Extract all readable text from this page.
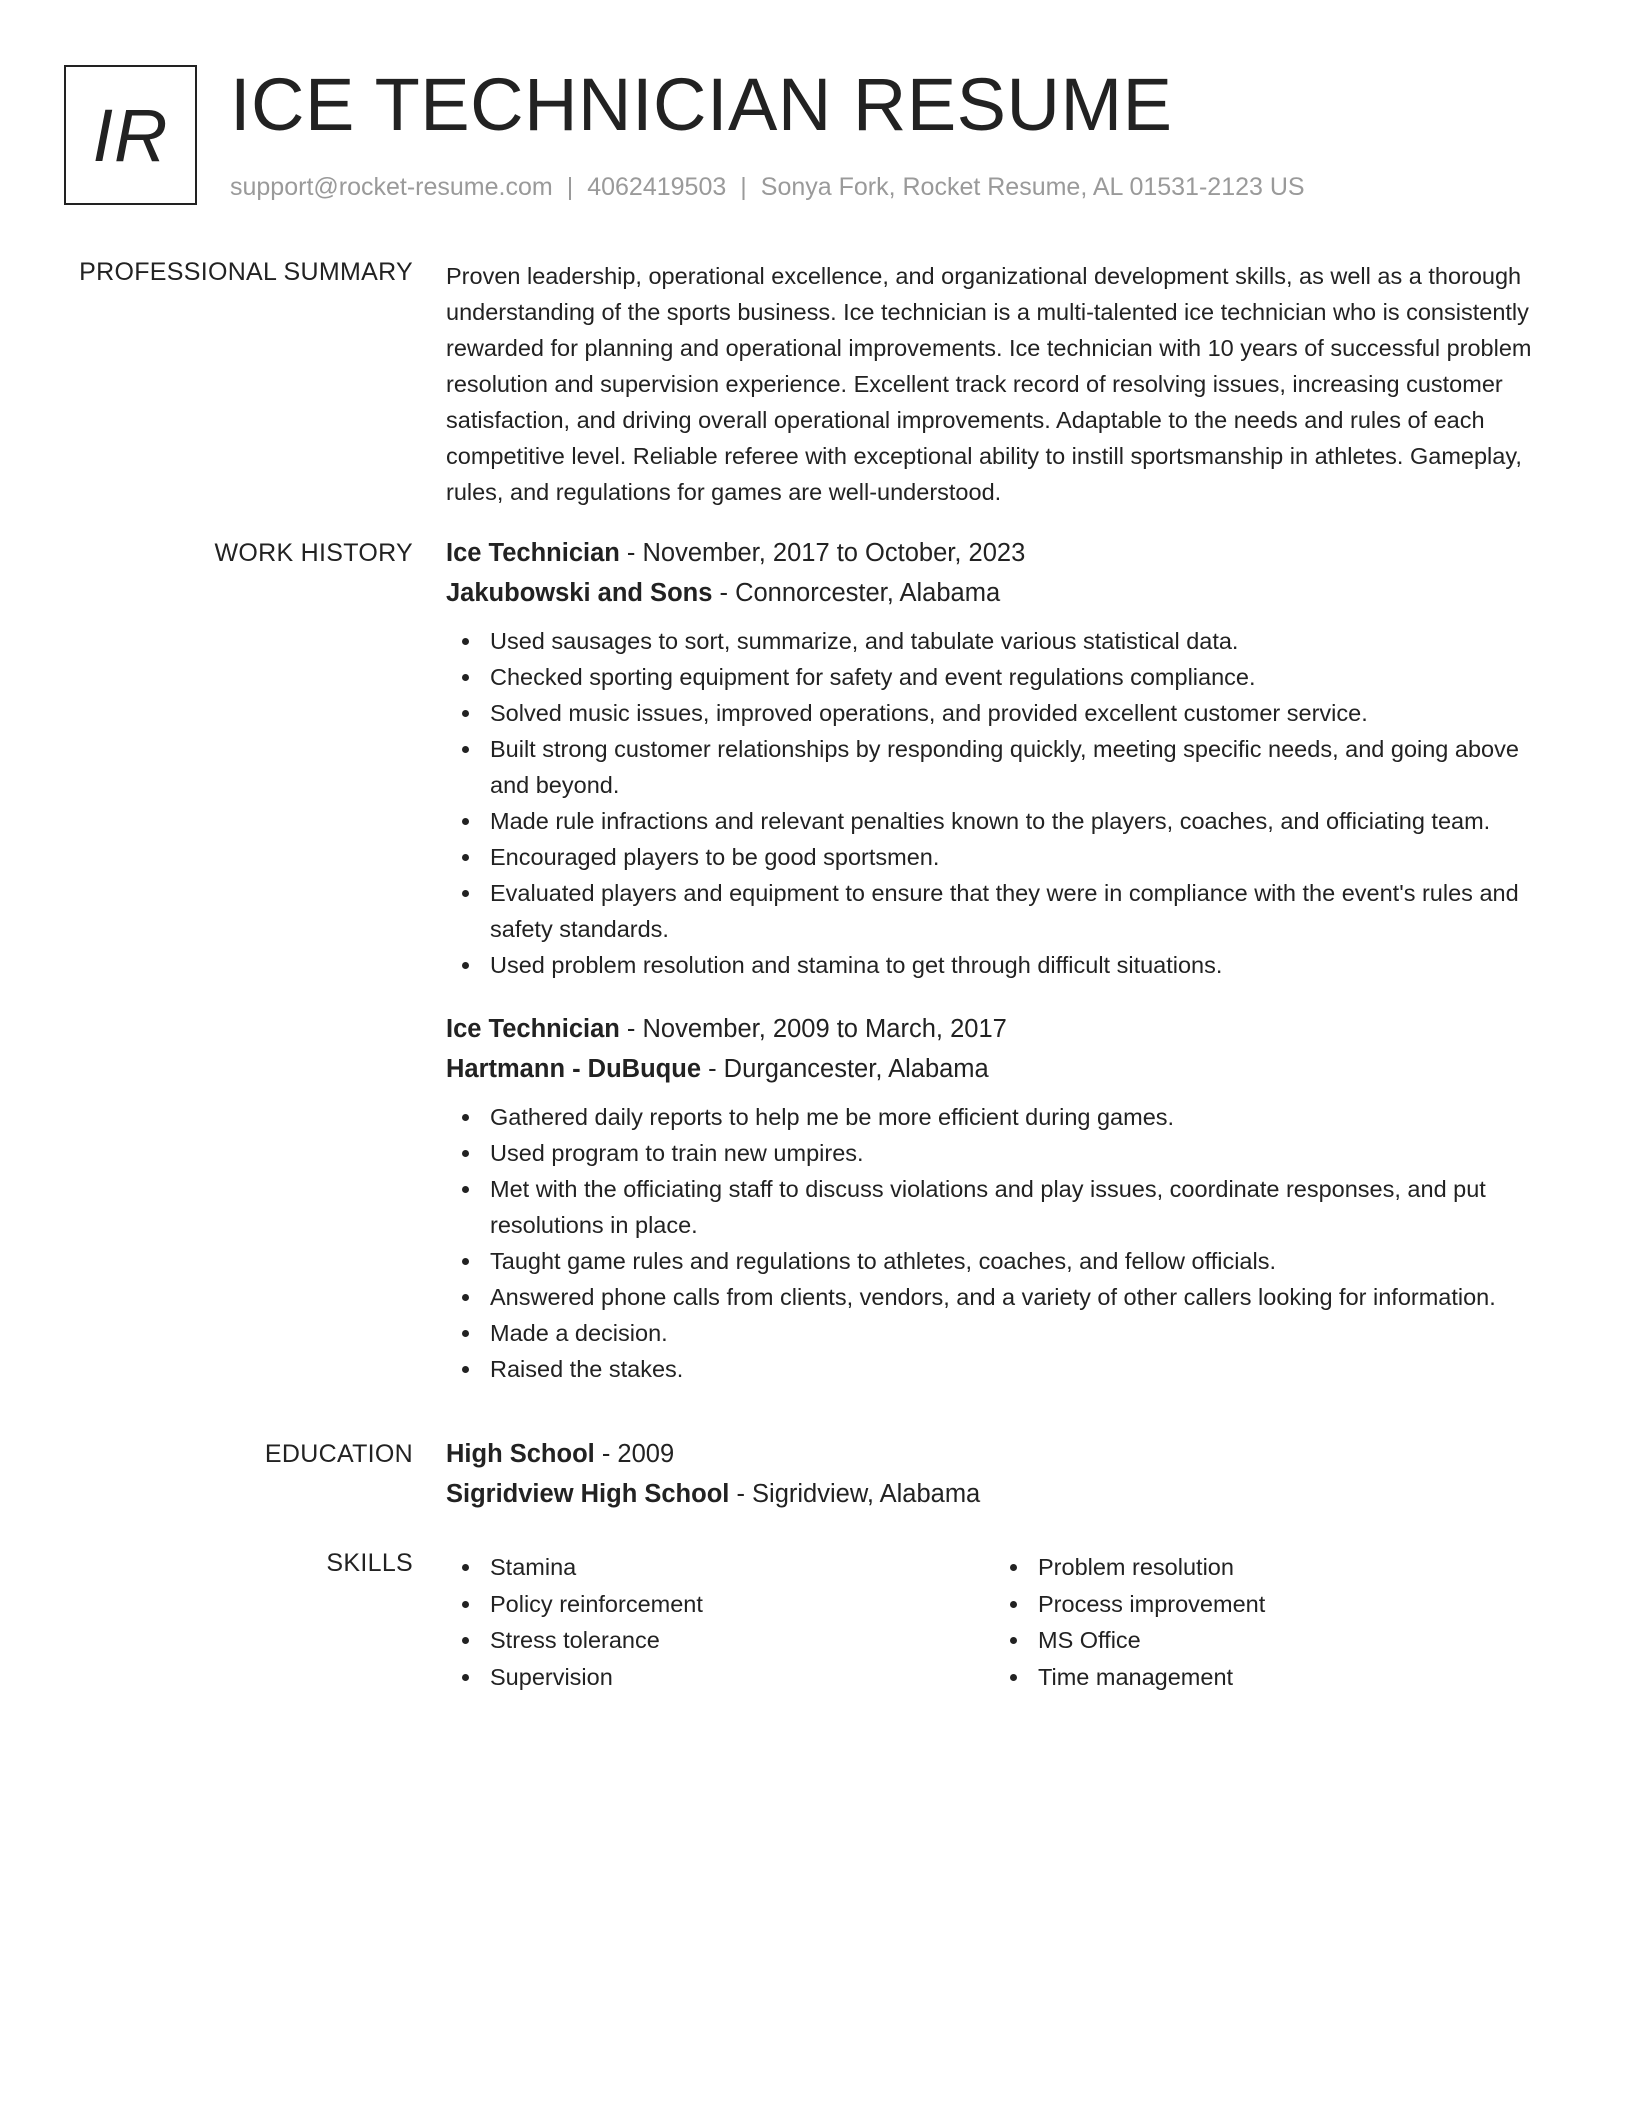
IR ICE TECHNICIAN RESUME
support@rocket-resume.com | 4062419503 | Sonya Fork, Rocket Resume, AL 01531-2123 US
PROFESSIONAL SUMMARY Proven leadership, operational excellence, and organizational development skills, as well as a thorough understanding of the sports business. Ice technician is a multi-talented ice technician who is consistently rewarded for planning and operational improvements. Ice technician with 10 years of successful problem resolution and supervision experience. Excellent track record of resolving issues, increasing customer satisfaction, and driving overall operational improvements. Adaptable to the needs and rules of each competitive level. Reliable referee with exceptional ability to instill sportsmanship in athletes. Gameplay, rules, and regulations for games are well-understood.
WORK HISTORY Ice Technician - November, 2017 to October, 2023
Jakubowski and Sons - Connorcester, Alabama
Used sausages to sort, summarize, and tabulate various statistical data.
Checked sporting equipment for safety and event regulations compliance.
Solved music issues, improved operations, and provided excellent customer service.
Built strong customer relationships by responding quickly, meeting specific needs, and going above and beyond.
Made rule infractions and relevant penalties known to the players, coaches, and officiating team.
Encouraged players to be good sportsmen.
Evaluated players and equipment to ensure that they were in compliance with the event's rules and safety standards.
Used problem resolution and stamina to get through difficult situations.
Ice Technician - November, 2009 to March, 2017
Hartmann - DuBuque - Durgancester, Alabama
Gathered daily reports to help me be more efficient during games.
Used program to train new umpires.
Met with the officiating staff to discuss violations and play issues, coordinate responses, and put resolutions in place.
Taught game rules and regulations to athletes, coaches, and fellow officials.
Answered phone calls from clients, vendors, and a variety of other callers looking for information.
Made a decision.
Raised the stakes.
EDUCATION High School - 2009
Sigridview High School - Sigridview, Alabama
SKILLS	Stamina
Policy reinforcement
Stress tolerance
Supervision
Problem resolution
Process improvement
MS Office
Time management
